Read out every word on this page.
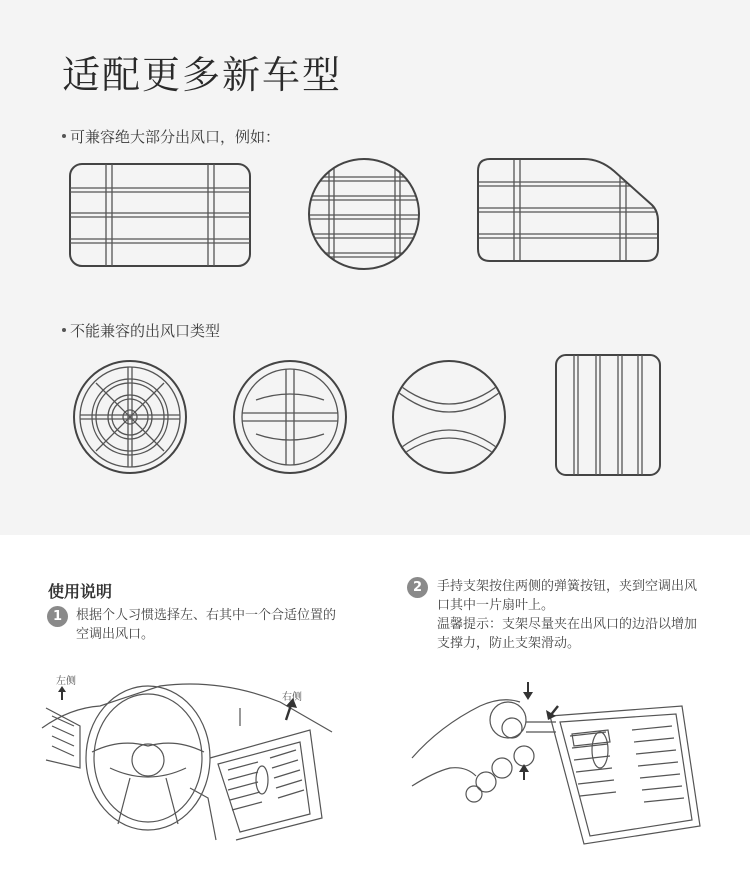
适配更多新车型
可兼容绝大部分出风口，例如：
不能兼容的出风口类型
使用说明
1	根据个人习惯选择左、右其中一个合适位置的空调出风口。
2	手持支架按住两侧的弹簧按钮，夹到空调出风口其中一片扇叶上。
温馨提示：支架尽量夹在出风口的边沿以增加支撑力，防止支架滑动。
左侧
右侧
